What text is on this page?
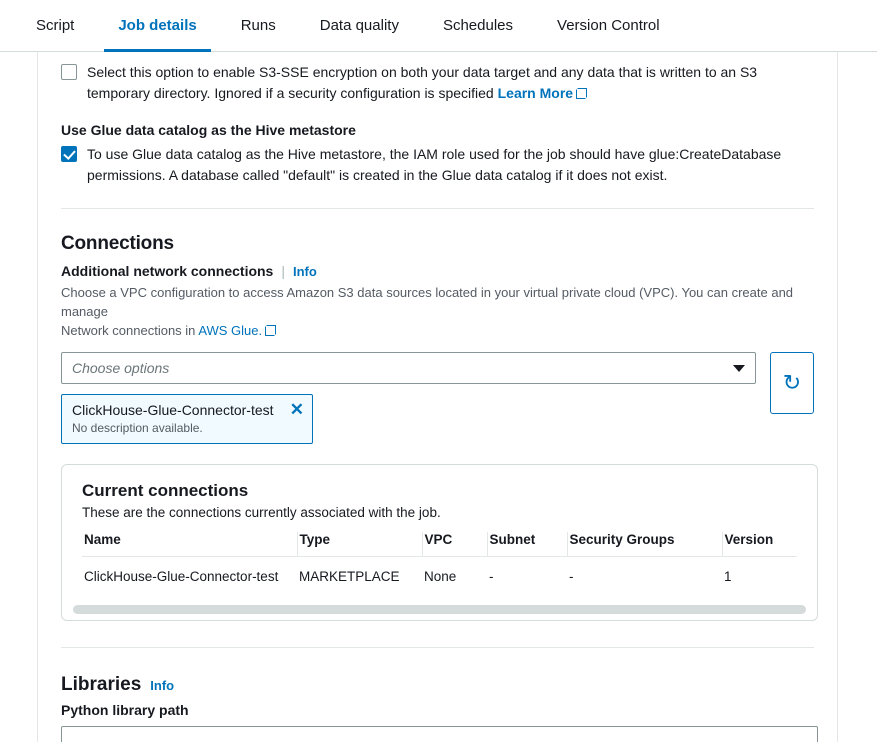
Script	Job details	Runs	Data quality	Schedules	Version Control
Select this option to enable S3-SSE encryption on both your data target and any data that is written to an S3 temporary directory. Ignored if a security configuration is specified Learn More
Use Glue data catalog as the Hive metastore
To use Glue data catalog as the Hive metastore, the IAM role used for the job should have glue:CreateDatabase permissions. A database called "default" is created in the Glue data catalog if it does not exist.
Connections
Additional network connections | Info
Choose a VPC configuration to access Amazon S3 data sources located in your virtual private cloud (VPC). You can create and manage
Network connections in AWS Glue.
Choose options
ClickHouse-Glue-Connector-test
No description available.
✕
↻
Current connections
These are the connections currently associated with the job.
Name	Type	VPC	Subnet	Security Groups	Version
ClickHouse-Glue-Connector-test	MARKETPLACE	None	-	-	1
Libraries Info
Python library path
